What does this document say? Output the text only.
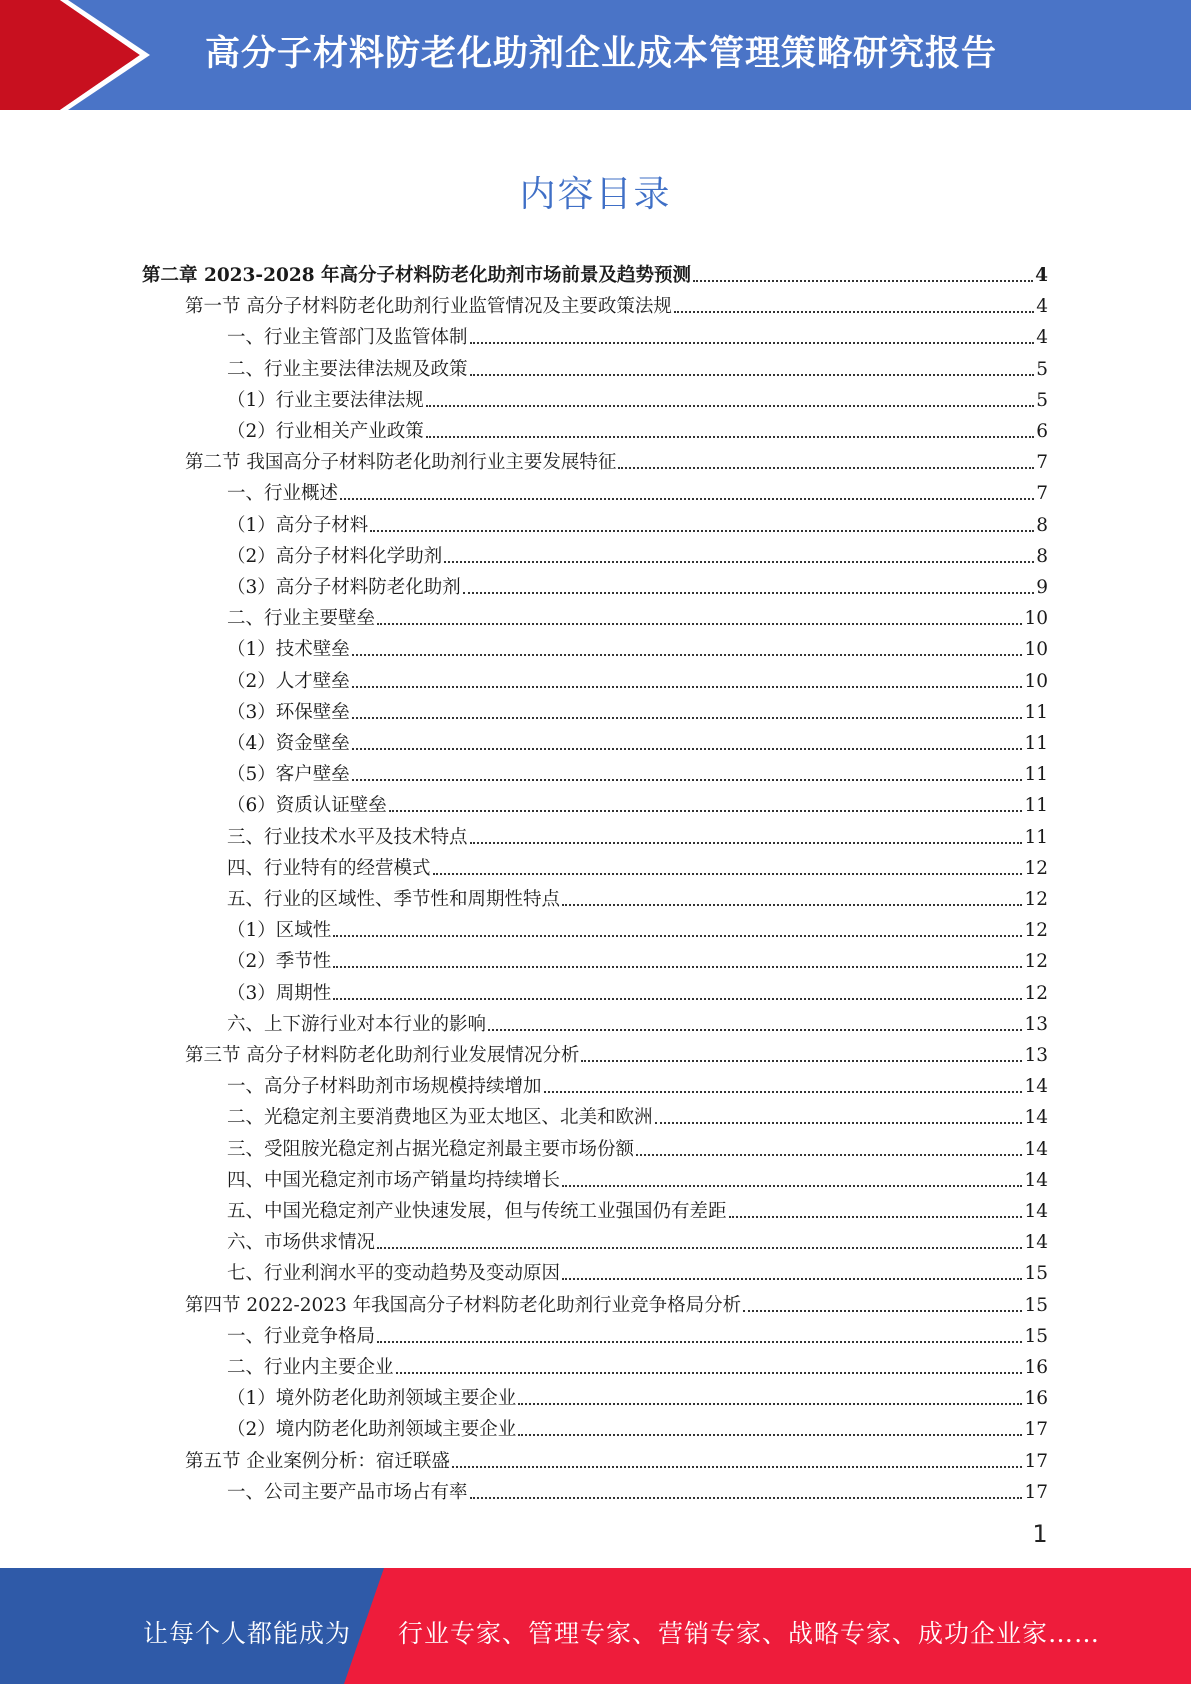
高分子材料防老化助剂企业成本管理策略研究报告
内容目录
第二章 2023-2028 年高分子材料防老化助剂市场前景及趋势预测	4
第一节 高分子材料防老化助剂行业监管情况及主要政策法规	4
一、行业主管部门及监管体制	4
二、行业主要法律法规及政策	5
（1）行业主要法律法规	5
（2）行业相关产业政策	6
第二节 我国高分子材料防老化助剂行业主要发展特征	7
一、行业概述	7
（1）高分子材料	8
（2）高分子材料化学助剂	8
（3）高分子材料防老化助剂	9
二、行业主要壁垒	10
（1）技术壁垒	10
（2）人才壁垒	10
（3）环保壁垒	11
（4）资金壁垒	11
（5）客户壁垒	11
（6）资质认证壁垒	11
三、行业技术水平及技术特点	11
四、行业特有的经营模式	12
五、行业的区域性、季节性和周期性特点	12
（1）区域性	12
（2）季节性	12
（3）周期性	12
六、上下游行业对本行业的影响	13
第三节 高分子材料防老化助剂行业发展情况分析	13
一、高分子材料助剂市场规模持续增加	14
二、光稳定剂主要消费地区为亚太地区、北美和欧洲	14
三、受阻胺光稳定剂占据光稳定剂最主要市场份额	14
四、中国光稳定剂市场产销量均持续增长	14
五、中国光稳定剂产业快速发展，但与传统工业强国仍有差距	14
六、市场供求情况	14
七、行业利润水平的变动趋势及变动原因	15
第四节 2022-2023 年我国高分子材料防老化助剂行业竞争格局分析	15
一、行业竞争格局	15
二、行业内主要企业	16
（1）境外防老化助剂领域主要企业	16
（2）境内防老化助剂领域主要企业	17
第五节 企业案例分析：宿迁联盛	17
一、公司主要产品市场占有率	17
1
让每个人都能成为 行业专家、管理专家、营销专家、战略专家、成功企业家……
